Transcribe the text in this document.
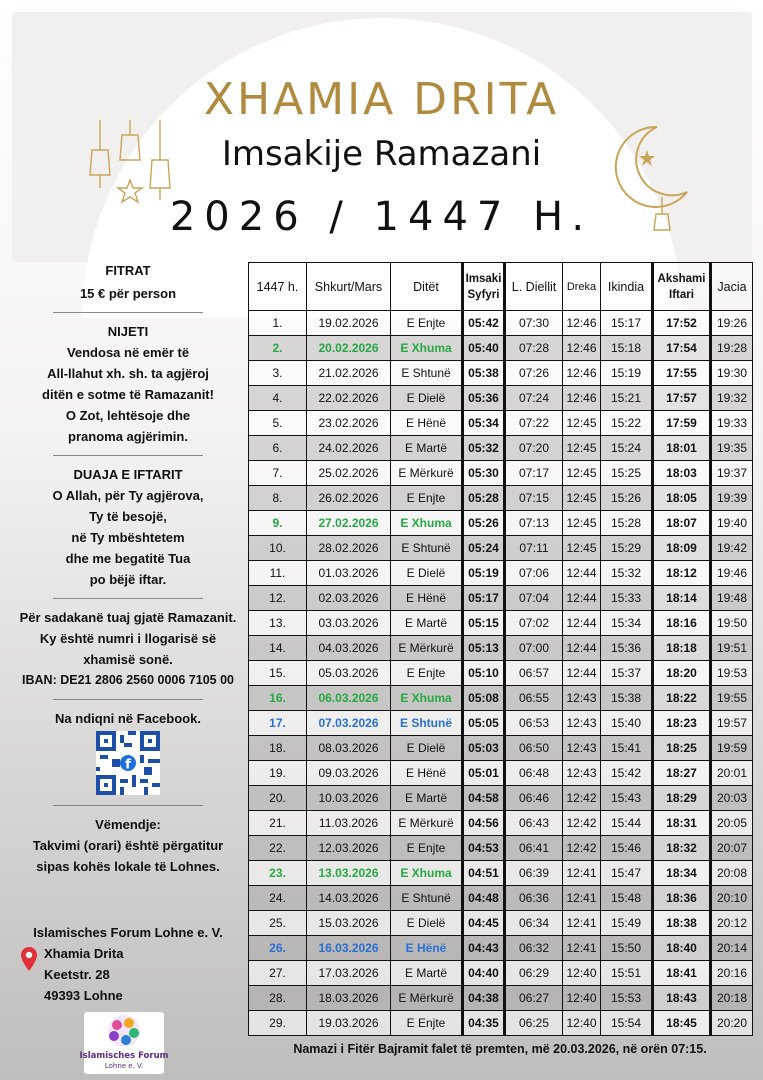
XHAMIA DRITA
Imsakije Ramazani
2026 / 1447 H.
FITRAT
15 € për person
NIJETI
Vendosa në emër të
All-llahut xh. sh. ta agjëroj
ditën e sotme të Ramazanit!
O Zot, lehtësoje dhe
pranoma agjërimin.
DUAJA E IFTARIT
O Allah, për Ty agjërova,
Ty të besojë,
në Ty mbështetem
dhe me begatitë Tua
po bëjë iftar.
Për sadakanë tuaj gjatë Ramazanit.
Ky është numri i llogarisë së
xhamisë sonë.
IBAN: DE21 2806 2560 0006 7105 00
Na ndiqni në Facebook.
f
Vëmendje:
Takvimi (orari) është përgatitur
sipas kohës lokale të Lohnes.
Islamisches Forum Lohne e. V.
Xhamia Drita
Keetstr. 28
49393 Lohne
Islamisches Forum
Lohne e. V.
1447 h.	Shkurt/Mars	Ditët	Imsaki Syfyri	L. Diellit	Dreka	Ikindia	Akshami Iftari	Jacia
1.	19.02.2026	E Enjte	05:42	07:30	12:46	15:17	17:52	19:26
2.	20.02.2026	E Xhuma	05:40	07:28	12:46	15:18	17:54	19:28
3.	21.02.2026	E Shtunë	05:38	07:26	12:46	15:19	17:55	19:30
4.	22.02.2026	E Dielë	05:36	07:24	12:46	15:21	17:57	19:32
5.	23.02.2026	E Hënë	05:34	07:22	12:45	15:22	17:59	19:33
6.	24.02.2026	E Martë	05:32	07:20	12:45	15:24	18:01	19:35
7.	25.02.2026	E Mërkurë	05:30	07:17	12:45	15:25	18:03	19:37
8.	26.02.2026	E Enjte	05:28	07:15	12:45	15:26	18:05	19:39
9.	27.02.2026	E Xhuma	05:26	07:13	12:45	15:28	18:07	19:40
10.	28.02.2026	E Shtunë	05:24	07:11	12:45	15:29	18:09	19:42
11.	01.03.2026	E Dielë	05:19	07:06	12:44	15:32	18:12	19:46
12.	02.03.2026	E Hënë	05:17	07:04	12:44	15:33	18:14	19:48
13.	03.03.2026	E Martë	05:15	07:02	12:44	15:34	18:16	19:50
14.	04.03.2026	E Mërkurë	05:13	07:00	12:44	15:36	18:18	19:51
15.	05.03.2026	E Enjte	05:10	06:57	12:44	15:37	18:20	19:53
16.	06.03.2026	E Xhuma	05:08	06:55	12:43	15:38	18:22	19:55
17.	07.03.2026	E Shtunë	05:05	06:53	12:43	15:40	18:23	19:57
18.	08.03.2026	E Dielë	05:03	06:50	12:43	15:41	18:25	19:59
19.	09.03.2026	E Hënë	05:01	06:48	12:43	15:42	18:27	20:01
20.	10.03.2026	E Martë	04:58	06:46	12:42	15:43	18:29	20:03
21.	11.03.2026	E Mërkurë	04:56	06:43	12:42	15:44	18:31	20:05
22.	12.03.2026	E Enjte	04:53	06:41	12:42	15:46	18:32	20:07
23.	13.03.2026	E Xhuma	04:51	06:39	12:41	15:47	18:34	20:08
24.	14.03.2026	E Shtunë	04:48	06:36	12:41	15:48	18:36	20:10
25.	15.03.2026	E Dielë	04:45	06:34	12:41	15:49	18:38	20:12
26.	16.03.2026	E Hënë	04:43	06:32	12:41	15:50	18:40	20:14
27.	17.03.2026	E Martë	04:40	06:29	12:40	15:51	18:41	20:16
28.	18.03.2026	E Mërkurë	04:38	06:27	12:40	15:53	18:43	20:18
29.	19.03.2026	E Enjte	04:35	06:25	12:40	15:54	18:45	20:20
Namazi i Fitër Bajramit falet të premten, më 20.03.2026, në orën 07:15.
